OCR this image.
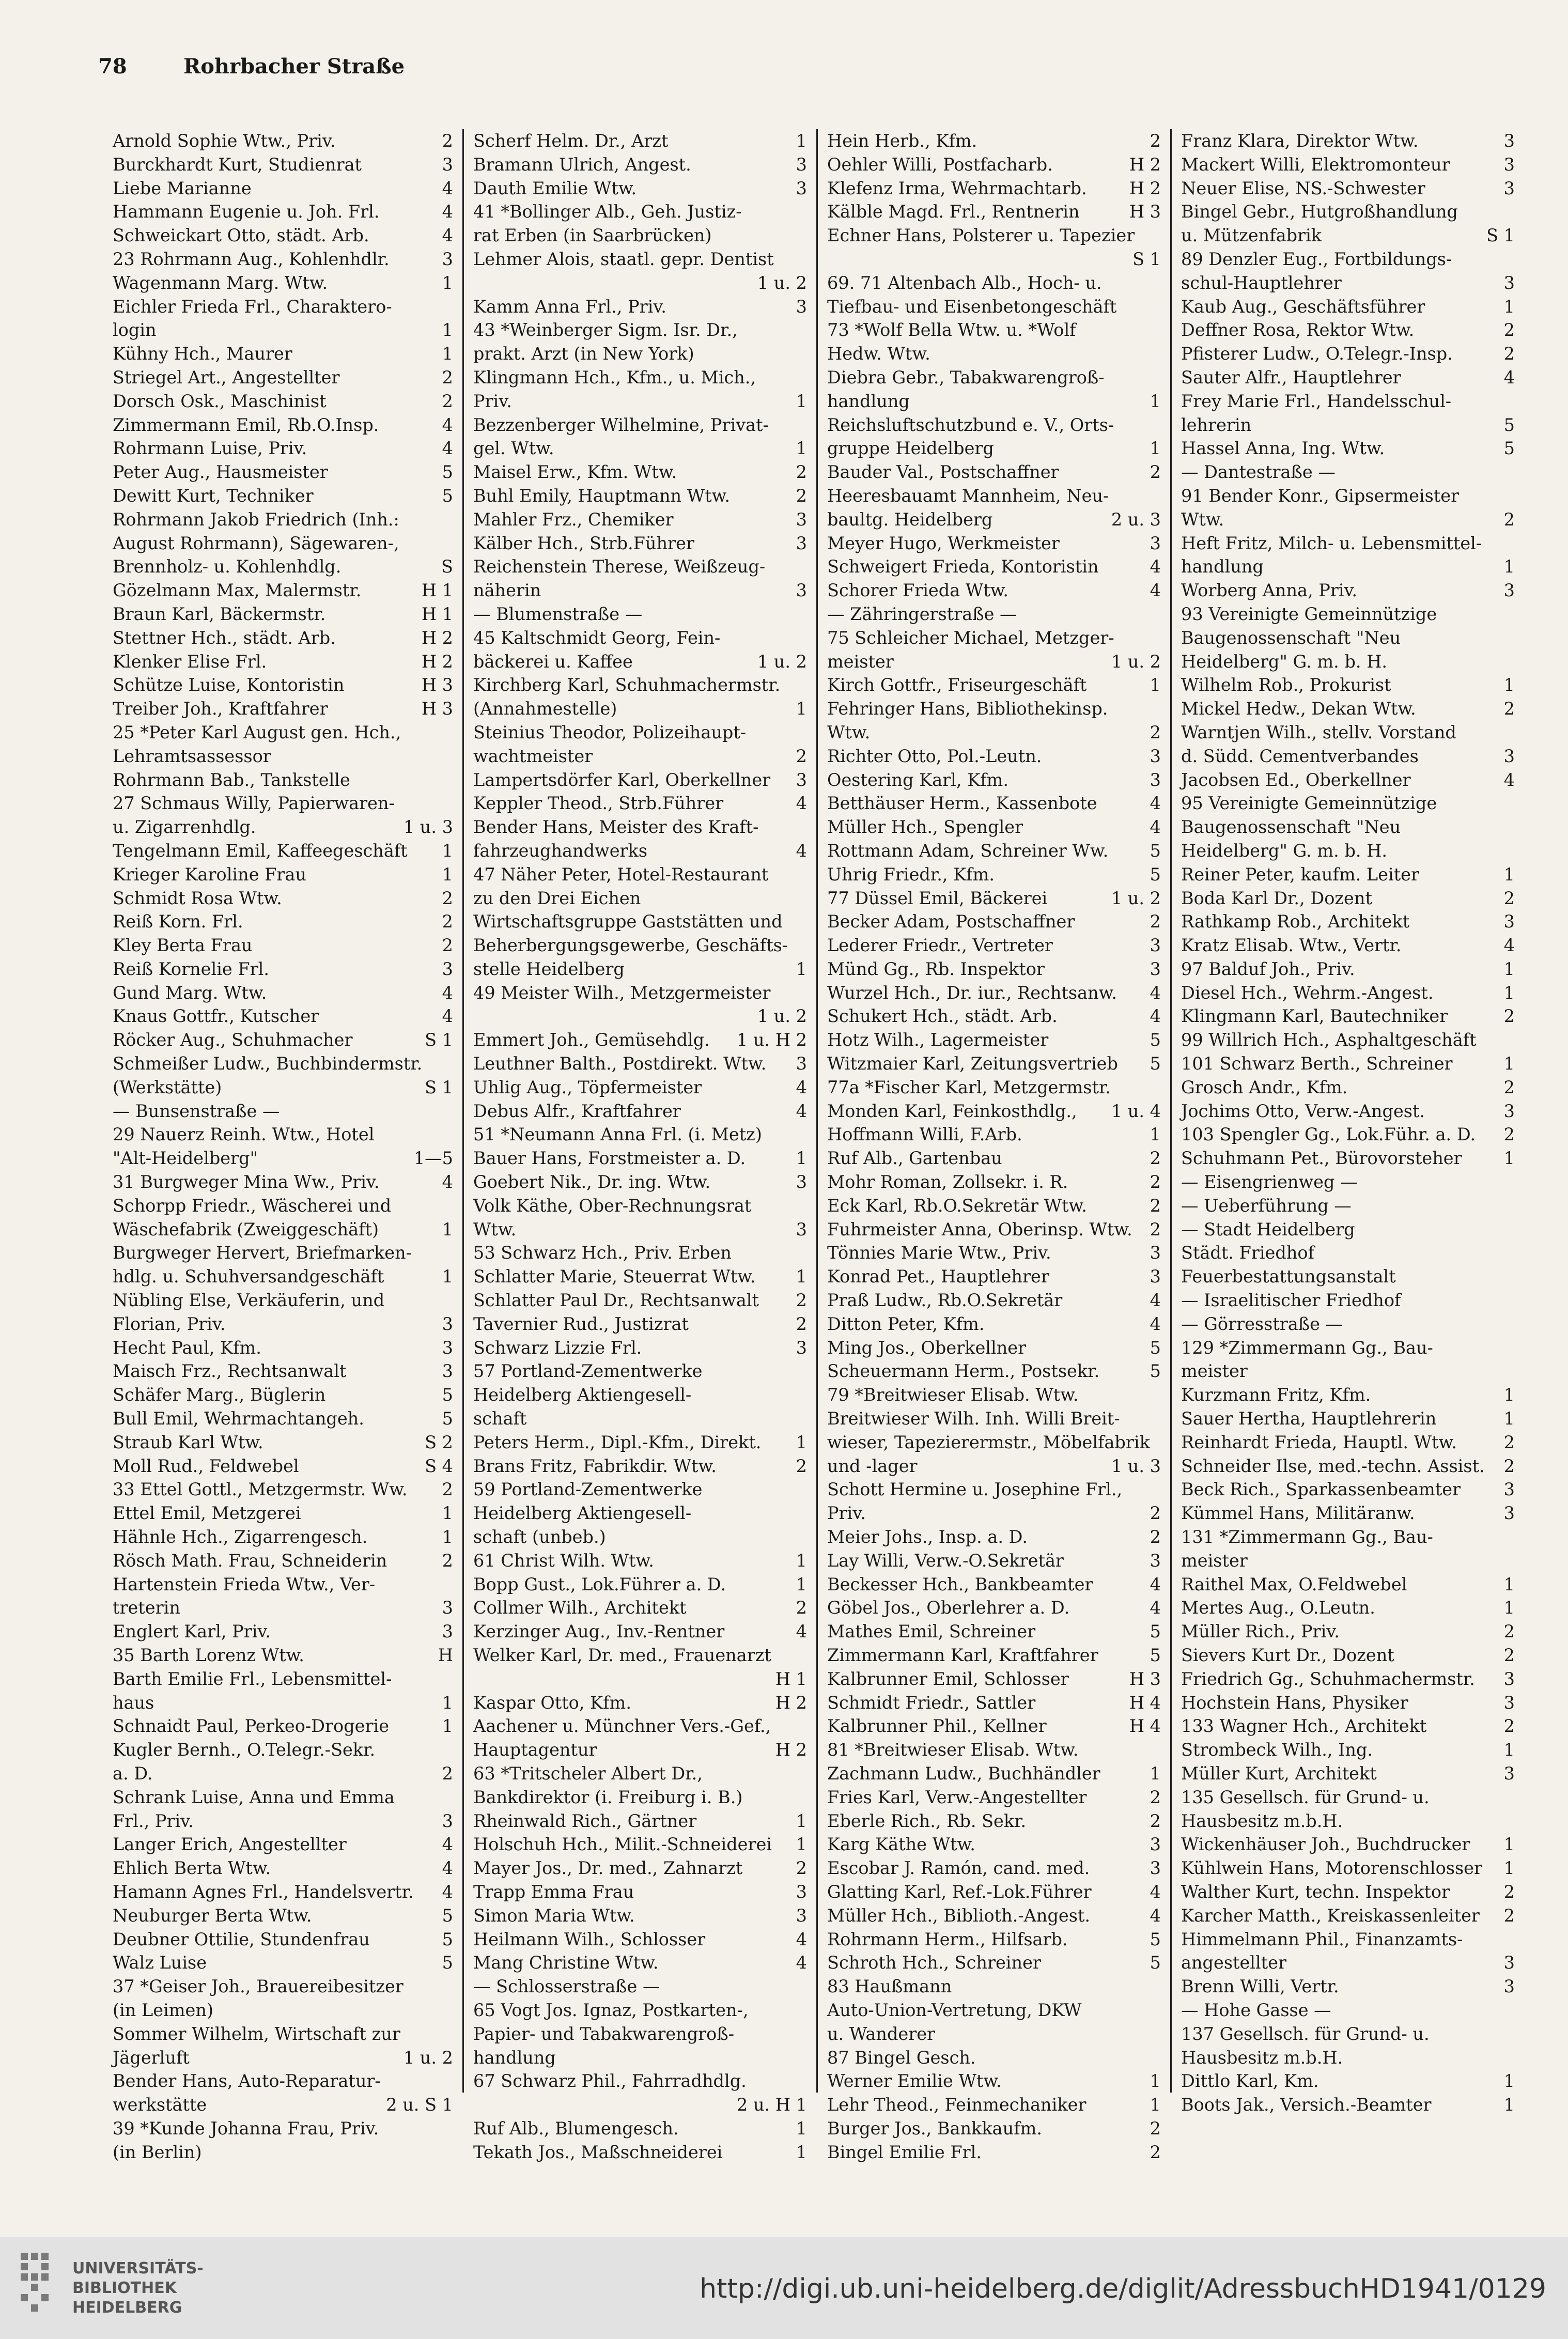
78	Rohrbacher Straße
Arnold Sophie Wtw., Priv.	2
Burckhardt Kurt, Studienrat	3
Liebe Marianne	4
Hammann Eugenie u. Joh. Frl.	4
Schweickart Otto, städt. Arb.	4
23 Rohrmann Aug., Kohlenhdlr.	3
Wagenmann Marg. Wtw.	1
Eichler Frieda Frl., Charaktero-
login	1
Kühny Hch., Maurer	1
Striegel Art., Angestellter	2
Dorsch Osk., Maschinist	2
Zimmermann Emil, Rb.O.Insp.	4
Rohrmann Luise, Priv.	4
Peter Aug., Hausmeister	5
Dewitt Kurt, Techniker	5
Rohrmann Jakob Friedrich (Inh.:
August Rohrmann), Sägewaren-,
Brennholz- u. Kohlenhdlg.	S
Gözelmann Max, Malermstr.	H 1
Braun Karl, Bäckermstr.	H 1
Stettner Hch., städt. Arb.	H 2
Klenker Elise Frl.	H 2
Schütze Luise, Kontoristin	H 3
Treiber Joh., Kraftfahrer	H 3
25 *Peter Karl August gen. Hch.,
Lehramtsassessor
Rohrmann Bab., Tankstelle
27 Schmaus Willy, Papierwaren-
u. Zigarrenhdlg.	1 u. 3
Tengelmann Emil, Kaffeegeschäft 1
Krieger Karoline Frau	1
Schmidt Rosa Wtw.	2
Reiß Korn. Frl.	2
Kley Berta Frau	2
Reiß Kornelie Frl.	3
Gund Marg. Wtw.	4
Knaus Gottfr., Kutscher	4
Röcker Aug., Schuhmacher	S 1
Schmeißer Ludw., Buchbindermstr.
(Werkstätte)	S 1
— Bunsenstraße —
29 Nauerz Reinh. Wtw., Hotel
"Alt-Heidelberg"	1—5
31 Burgweger Mina Ww., Priv.	4
Schorpp Friedr., Wäscherei und
Wäschefabrik (Zweiggeschäft)	1
Burgweger Hervert, Briefmarken-
hdlg. u. Schuhversandgeschäft	1
Nübling Else, Verkäuferin, und
Florian, Priv.	3
Hecht Paul, Kfm.	3
Maisch Frz., Rechtsanwalt	3
Schäfer Marg., Büglerin	5
Bull Emil, Wehrmachtangeh.	5
Straub Karl Wtw.	S 2
Moll Rud., Feldwebel	S 4
33 Ettel Gottl., Metzgermstr. Ww. 2
Ettel Emil, Metzgerei	1
Hähnle Hch., Zigarrengesch.	1
Rösch Math. Frau, Schneiderin	2
Hartenstein Frieda Wtw., Ver-
treterin	3
Englert Karl, Priv.	3
35 Barth Lorenz Wtw.	H
Barth Emilie Frl., Lebensmittel-
haus	1
Schnaidt Paul, Perkeo-Drogerie	1
Kugler Bernh., O.Telegr.-Sekr.
a. D.	2
Schrank Luise, Anna und Emma
Frl., Priv.	3
Langer Erich, Angestellter	4
Ehlich Berta Wtw.	4
Hamann Agnes Frl., Handelsvertr. 4
Neuburger Berta Wtw.	5
Deubner Ottilie, Stundenfrau	5
Walz Luise	5
37 *Geiser Joh., Brauereibesitzer
(in Leimen)
Sommer Wilhelm, Wirtschaft zur
Jägerluft	1 u. 2
Bender Hans, Auto-Reparatur-
werkstätte	2 u. S 1
39 *Kunde Johanna Frau, Priv.
(in Berlin)
Scherf Helm. Dr., Arzt	1
Bramann Ulrich, Angest.	3
Dauth Emilie Wtw.	3
41 *Bollinger Alb., Geh. Justiz-
rat Erben (in Saarbrücken)
Lehmer Alois, staatl. gepr. Dentist
1 u. 2
Kamm Anna Frl., Priv.	3
43 *Weinberger Sigm. Isr. Dr.,
prakt. Arzt (in New York)
Klingmann Hch., Kfm., u. Mich.,
Priv.	1
Bezzenberger Wilhelmine, Privat-
gel. Wtw.	1
Maisel Erw., Kfm. Wtw.	2
Buhl Emily, Hauptmann Wtw.	2
Mahler Frz., Chemiker	3
Kälber Hch., Strb.Führer	3
Reichenstein Therese, Weißzeug-
näherin	3
— Blumenstraße —
45 Kaltschmidt Georg, Fein-
bäckerei u. Kaffee	1 u. 2
Kirchberg Karl, Schuhmachermstr.
(Annahmestelle)	1
Steinius Theodor, Polizeihaupt-
wachtmeister	2
Lampertsdörfer Karl, Oberkellner 3
Keppler Theod., Strb.Führer	4
Bender Hans, Meister des Kraft-
fahrzeughandwerks	4
47 Näher Peter, Hotel-Restaurant
zu den Drei Eichen
Wirtschaftsgruppe Gaststätten und
Beherbergungsgewerbe, Geschäfts-
stelle Heidelberg	1
49 Meister Wilh., Metzgermeister
1 u. 2
Emmert Joh., Gemüsehdlg. 1 u. H 2
Leuthner Balth., Postdirekt. Wtw. 3
Uhlig Aug., Töpfermeister	4
Debus Alfr., Kraftfahrer	4
51 *Neumann Anna Frl. (i. Metz)
Bauer Hans, Forstmeister a. D.	1
Goebert Nik., Dr. ing. Wtw.	3
Volk Käthe, Ober-Rechnungsrat
Wtw.	3
53 Schwarz Hch., Priv. Erben
Schlatter Marie, Steuerrat Wtw. 1
Schlatter Paul Dr., Rechtsanwalt 2
Tavernier Rud., Justizrat	2
Schwarz Lizzie Frl.	3
57 Portland-Zementwerke
Heidelberg Aktiengesell-
schaft
Peters Herm., Dipl.-Kfm., Direkt. 1
Brans Fritz, Fabrikdir. Wtw.	2
59 Portland-Zementwerke
Heidelberg Aktiengesell-
schaft (unbeb.)
61 Christ Wilh. Wtw.	1
Bopp Gust., Lok.Führer a. D.	1
Collmer Wilh., Architekt	2
Kerzinger Aug., Inv.-Rentner	4
Welker Karl, Dr. med., Frauenarzt
H 1
Kaspar Otto, Kfm.	H 2
Aachener u. Münchner Vers.-Gef.,
Hauptagentur	H 2
63 *Tritscheler Albert Dr.,
Bankdirektor (i. Freiburg i. B.)
Rheinwald Rich., Gärtner	1
Holschuh Hch., Milit.-Schneiderei 1
Mayer Jos., Dr. med., Zahnarzt	2
Trapp Emma Frau	3
Simon Maria Wtw.	3
Heilmann Wilh., Schlosser	4
Mang Christine Wtw.	4
— Schlosserstraße —
65 Vogt Jos. Ignaz, Postkarten-,
Papier- und Tabakwarengroß-
handlung
67 Schwarz Phil., Fahrradhdlg.
2 u. H 1
Ruf Alb., Blumengesch.	1
Tekath Jos., Maßschneiderei	1
Hein Herb., Kfm.	2
Oehler Willi, Postfacharb.	H 2
Klefenz Irma, Wehrmachtarb. H 2
Kälble Magd. Frl., Rentnerin	H 3
Echner Hans, Polsterer u. Tapezier
S 1
69. 71 Altenbach Alb., Hoch- u.
Tiefbau- und Eisenbetongeschäft
73 *Wolf Bella Wtw. u. *Wolf
Hedw. Wtw.
Diebra Gebr., Tabakwarengroß-
handlung	1
Reichsluftschutzbund e. V., Orts-
gruppe Heidelberg	1
Bauder Val., Postschaffner	2
Heeresbauamt Mannheim, Neu-
baultg. Heidelberg	2 u. 3
Meyer Hugo, Werkmeister	3
Schweigert Frieda, Kontoristin	4
Schorer Frieda Wtw.	4
— Zähringerstraße —
75 Schleicher Michael, Metzger-
meister	1 u. 2
Kirch Gottfr., Friseurgeschäft	1
Fehringer Hans, Bibliothekinsp.
Wtw.	2
Richter Otto, Pol.-Leutn.	3
Oestering Karl, Kfm.	3
Betthäuser Herm., Kassenbote	4
Müller Hch., Spengler	4
Rottmann Adam, Schreiner Ww. 5
Uhrig Friedr., Kfm.	5
77 Düssel Emil, Bäckerei	1 u. 2
Becker Adam, Postschaffner	2
Lederer Friedr., Vertreter	3
Münd Gg., Rb. Inspektor	3
Wurzel Hch., Dr. iur., Rechtsanw. 4
Schukert Hch., städt. Arb.	4
Hotz Wilh., Lagermeister	5
Witzmaier Karl, Zeitungsvertrieb 5
77a *Fischer Karl, Metzgermstr.
Monden Karl, Feinkosthdlg., 1 u. 4
Hoffmann Willi, F.Arb.	1
Ruf Alb., Gartenbau	2
Mohr Roman, Zollsekr. i. R.	2
Eck Karl, Rb.O.Sekretär Wtw.	2
Fuhrmeister Anna, Oberinsp. Wtw. 2
Tönnies Marie Wtw., Priv.	3
Konrad Pet., Hauptlehrer	3
Praß Ludw., Rb.O.Sekretär	4
Ditton Peter, Kfm.	4
Ming Jos., Oberkellner	5
Scheuermann Herm., Postsekr.	5
79 *Breitwieser Elisab. Wtw.
Breitwieser Wilh. Inh. Willi Breit-
wieser, Tapezierermstr., Möbelfabrik
und -lager	1 u. 3
Schott Hermine u. Josephine Frl.,
Priv.	2
Meier Johs., Insp. a. D.	2
Lay Willi, Verw.-O.Sekretär	3
Beckesser Hch., Bankbeamter	4
Göbel Jos., Oberlehrer a. D.	4
Mathes Emil, Schreiner	5
Zimmermann Karl, Kraftfahrer	5
Kalbrunner Emil, Schlosser	H 3
Schmidt Friedr., Sattler	H 4
Kalbrunner Phil., Kellner	H 4
81 *Breitwieser Elisab. Wtw.
Zachmann Ludw., Buchhändler	1
Fries Karl, Verw.-Angestellter	2
Eberle Rich., Rb. Sekr.	2
Karg Käthe Wtw.	3
Escobar J. Ramón, cand. med.	3
Glatting Karl, Ref.-Lok.Führer	4
Müller Hch., Biblioth.-Angest.	4
Rohrmann Herm., Hilfsarb.	5
Schroth Hch., Schreiner	5
83 Haußmann
Auto-Union-Vertretung, DKW
u. Wanderer
87 Bingel Gesch.
Werner Emilie Wtw.	1
Lehr Theod., Feinmechaniker	1
Burger Jos., Bankkaufm.	2
Bingel Emilie Frl.	2
Franz Klara, Direktor Wtw.	3
Mackert Willi, Elektromonteur	3
Neuer Elise, NS.-Schwester	3
Bingel Gebr., Hutgroßhandlung
u. Mützenfabrik	S 1
89 Denzler Eug., Fortbildungs-
schul-Hauptlehrer	3
Kaub Aug., Geschäftsführer	1
Deffner Rosa, Rektor Wtw.	2
Pfisterer Ludw., O.Telegr.-Insp.	2
Sauter Alfr., Hauptlehrer	4
Frey Marie Frl., Handelsschul-
lehrerin	5
Hassel Anna, Ing. Wtw.	5
— Dantestraße —
91 Bender Konr., Gipsermeister
Wtw.	2
Heft Fritz, Milch- u. Lebensmittel-
handlung	1
Worberg Anna, Priv.	3
93 Vereinigte Gemeinnützige
Baugenossenschaft "Neu
Heidelberg" G. m. b. H.
Wilhelm Rob., Prokurist	1
Mickel Hedw., Dekan Wtw.	2
Warntjen Wilh., stellv. Vorstand
d. Südd. Cementverbandes	3
Jacobsen Ed., Oberkellner	4
95 Vereinigte Gemeinnützige
Baugenossenschaft "Neu
Heidelberg" G. m. b. H.
Reiner Peter, kaufm. Leiter	1
Boda Karl Dr., Dozent	2
Rathkamp Rob., Architekt	3
Kratz Elisab. Wtw., Vertr.	4
97 Balduf Joh., Priv.	1
Diesel Hch., Wehrm.-Angest.	1
Klingmann Karl, Bautechniker	2
99 Willrich Hch., Asphaltgeschäft
101 Schwarz Berth., Schreiner	1
Grosch Andr., Kfm.	2
Jochims Otto, Verw.-Angest.	3
103 Spengler Gg., Lok.Führ. a. D. 2
Schuhmann Pet., Bürovorsteher 1
— Eisengrienweg —
— Ueberführung —
— Stadt Heidelberg
Städt. Friedhof
Feuerbestattungsanstalt
— Israelitischer Friedhof
— Görresstraße —
129 *Zimmermann Gg., Bau-
meister
Kurzmann Fritz, Kfm.	1
Sauer Hertha, Hauptlehrerin	1
Reinhardt Frieda, Hauptl. Wtw.	2
Schneider Ilse, med.-techn. Assist. 2
Beck Rich., Sparkassenbeamter 3
Kümmel Hans, Militäranw.	3
131 *Zimmermann Gg., Bau-
meister
Raithel Max, O.Feldwebel	1
Mertes Aug., O.Leutn.	1
Müller Rich., Priv.	2
Sievers Kurt Dr., Dozent	2
Friedrich Gg., Schuhmachermstr. 3
Hochstein Hans, Physiker	3
133 Wagner Hch., Architekt	2
Strombeck Wilh., Ing.	1
Müller Kurt, Architekt	3
135 Gesellsch. für Grund- u.
Hausbesitz m.b.H.
Wickenhäuser Joh., Buchdrucker 1
Kühlwein Hans, Motorenschlosser 1
Walther Kurt, techn. Inspektor	2
Karcher Matth., Kreiskassenleiter 2
Himmelmann Phil., Finanzamts-
angestellter	3
Brenn Willi, Vertr.	3
— Hohe Gasse —
137 Gesellsch. für Grund- u.
Hausbesitz m.b.H.
Dittlo Karl, Km.	1
Boots Jak., Versich.-Beamter	1
UNIVERSITÄTS-
BIBLIOTHEK
HEIDELBERG
http://digi.ub.uni-heidelberg.de/diglit/AdressbuchHD1941/0129
